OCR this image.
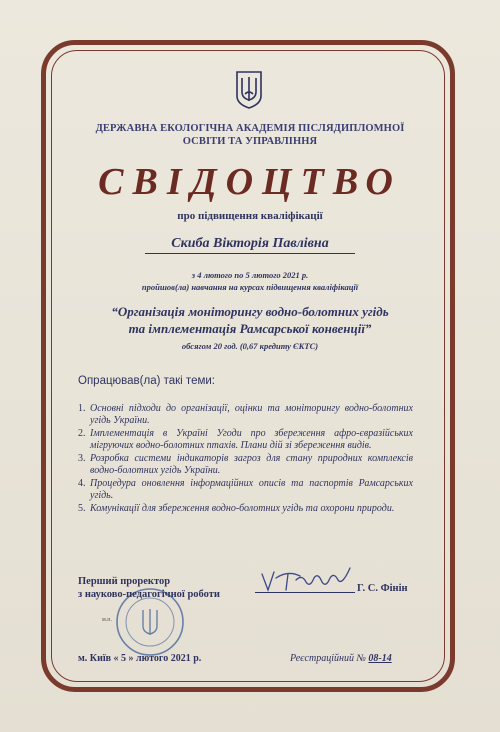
ДЕРЖАВНА ЕКОЛОГІЧНА АКАДЕМІЯ ПІСЛЯДИПЛОМНОЇ
ОСВІТИ ТА УПРАВЛІННЯ
СВІДОЦТВО
про підвищення кваліфікації
Скиба Вікторія Павлівна
з 4 лютого по 5 лютого 2021 р.
пройшов(ла) навчання на курсах підвищення кваліфікації
“Організація моніторингу водно-болотних угідь
та імплементація Рамсарської конвенції”
обсягом 20 год. (0,67 кредиту ЄКТС)
Опрацював(ла) такі теми:
1. Основні підходи до організації, оцінки та моніторингу водно-болотних угідь України.
2. Імплементація в Україні Угоди про збереження афро-євразійських мігруючих водно-болотних птахів. Плани дій зі збереження видів.
3. Розробка системи індикаторів загроз для стану природних комплексів водно-болотних угідь України.
4. Процедура оновлення інформаційних описів та паспортів Рамсарських угідь.
5. Комунікації для збереження водно-болотних угідь та охорони природи.
Перший проректор
з науково-педагогічної роботи
Г. С. Фінін
м.п.
м. Київ « 5 » лютого 2021 р.	Реєстраційний № 08-14
